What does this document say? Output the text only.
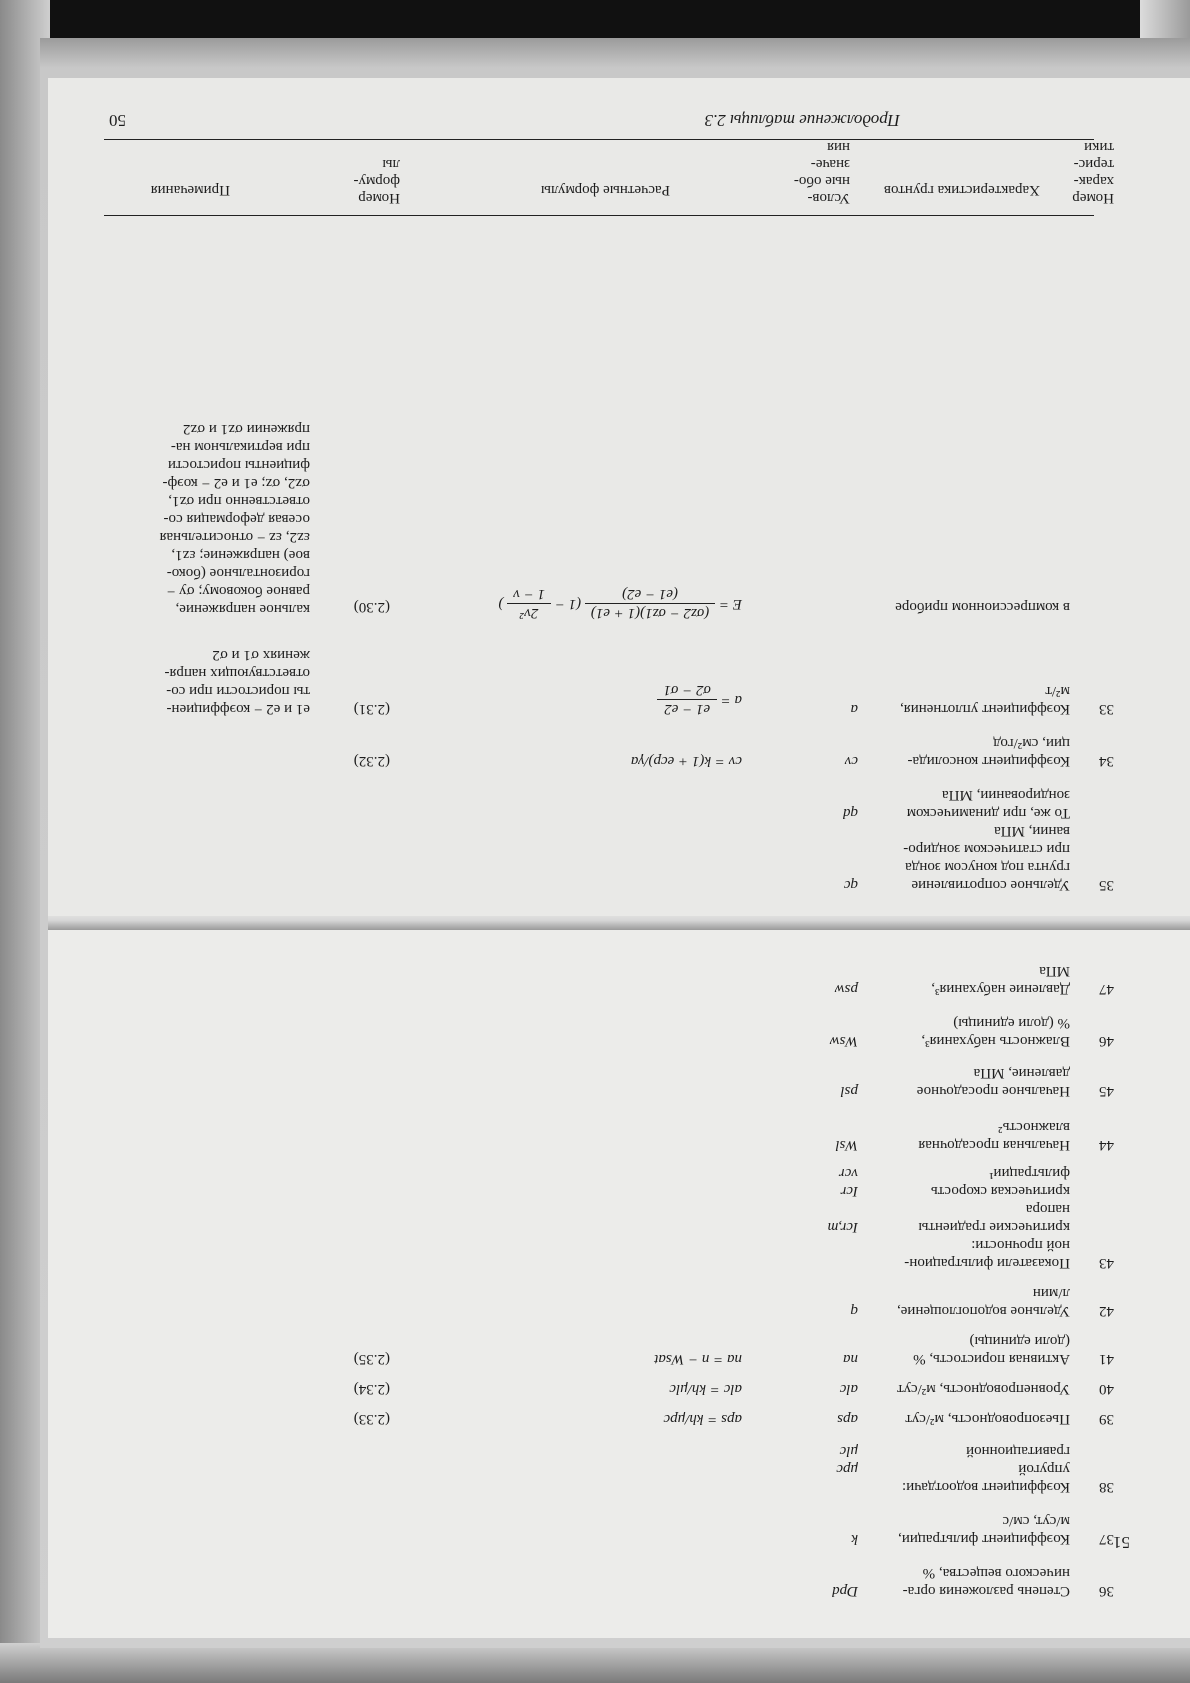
51
36
Степень разложения орга-
нического вещества, %
Dpd
37
Коэффициент фильтрации,
м/сут, см/с
k
38
Коэффициент водоотдачи:
упругой
гравитационной

μpc
μlc
39
Пьезопроводность, м²/сут
aps
aps = kh/μpc
(2.33)
40
Уровнепроводность, м²/сут
alc
alc = kh/μlc
(2.34)
41
Активная пористость, %
(доли единицы)
na
na = n − Wsat
(2.35)
42
Удельное водопоглощение,
л/мин
q
43
Показатели фильтрацион-
ной прочности:
критические градиенты
напора
критическая скорость
фильтрации¹

Icr,m

Icr
vcr
44
Начальная просадочная
влажность²
Wsl
45
Начальное просадочное
давление, МПа
psl
46
Влажность набухания³,
% (доли единицы)
Wsw
47
Давление набухания³,
МПа
psw
35
Удельное сопротивление
грунта под конусом зонда
при статическом зондиро-
вании, МПа
То же, при динамическом
зондировании, МПа
qc

qd
34
Коэффициент консолида-
ции, см²/год
cv
cv = k(1 + ecp)/γa
(2.32)
33
Коэффициент уплотнения,
м²/т
a
a =
e1 − e2
σ2 − σ1
(2.31)
e1 и e2 − коэффициен-
ты пористости при со-
ответствующих напря-
жениях σ1 и σ2
в компрессионном приборе
E =
(σz2 − σz1)(1 + e1)
(e1 − e2)
(1 −
2ν²
1 − ν
)
(2.30)
кальное напряжение,
равное боковому; σy −
горизонтальное (боко-
вое) напряжение; εz1,
εz2, εz − относительная
осевая деформация со-
ответственно при σz1,
σz2, σz; e1 и e2 − коэф-
фициенты пористости
при вертикальном на-
пряжении σz1 и σz2
Номер
харак-
терис-
тики
Характеристика грунтов
Услов-
ные обо-
значе-
ния
Расчетные формулы
Номер
форму-
лы
Примечания
Продолжение таблицы 2.3
50
